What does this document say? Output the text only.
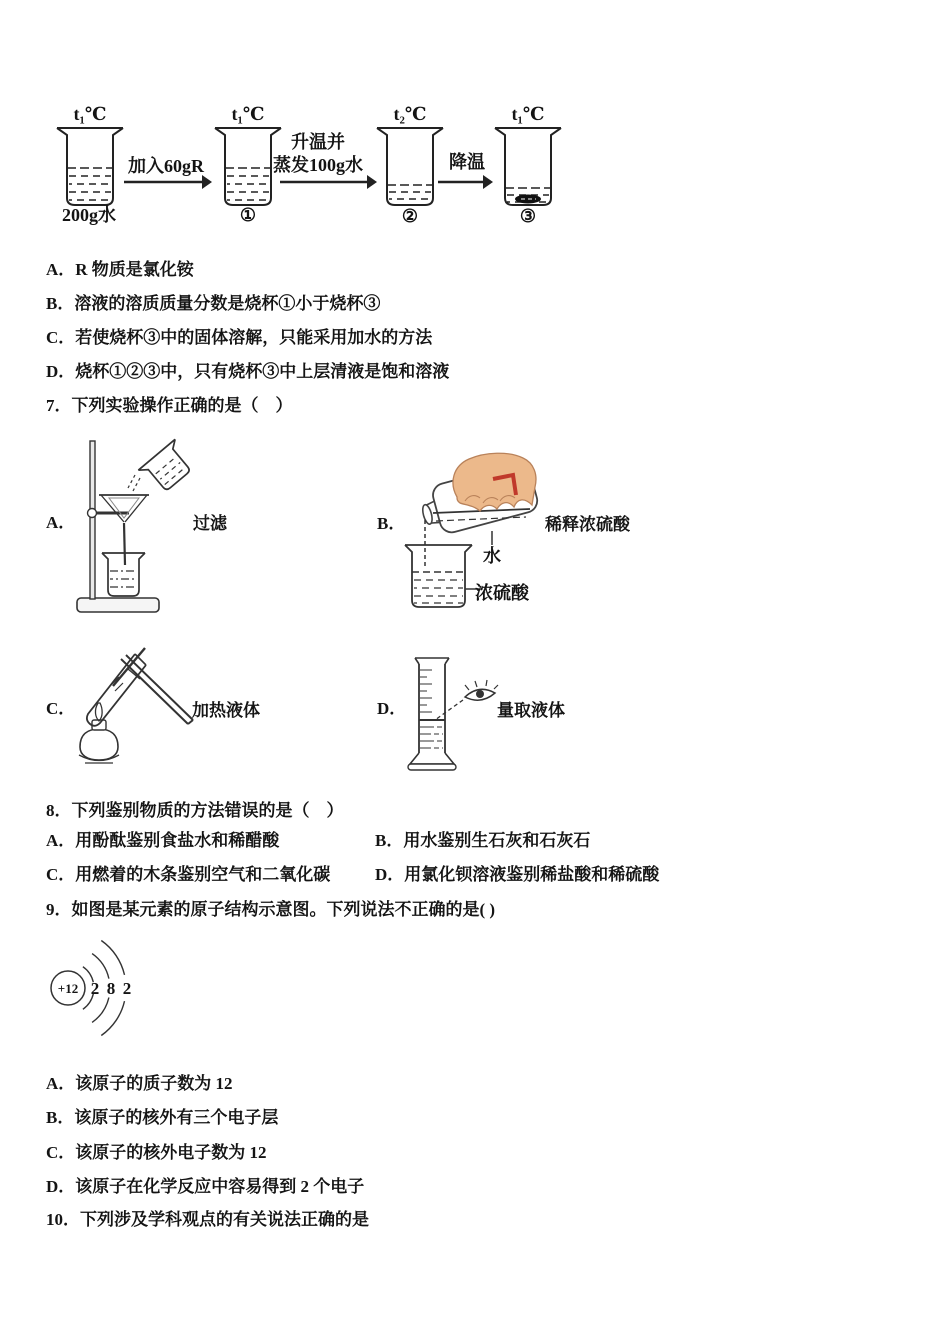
t₁℃	t₁℃	t₂℃	t₁℃
200g水	①	②	③
加入60gR
升温并
蒸发100g水	降温
A．R 物质是氯化铵
B．溶液的溶质质量分数是烧杯①小于烧杯③
C．若使烧杯③中的固体溶解，只能采用加水的方法
D．烧杯①②③中，只有烧杯③中上层清液是饱和溶液
7．下列实验操作正确的是（　）
A．	过滤	B．	稀释浓硫酸
水
浓硫酸
C．	加热液体	D．	量取液体
8．下列鉴别物质的方法错误的是（　）
A．用酚酞鉴别食盐水和稀醋酸	B．用水鉴别生石灰和石灰石
C．用燃着的木条鉴别空气和二氧化碳	D．用氯化钡溶液鉴别稀盐酸和稀硫酸
9．如图是某元素的原子结构示意图。下列说法不正确的是( )
+12 2 8 2
A．该原子的质子数为 12
B．该原子的核外有三个电子层
C．该原子的核外电子数为 12
D．该原子在化学反应中容易得到 2 个电子
10．下列涉及学科观点的有关说法正确的是
